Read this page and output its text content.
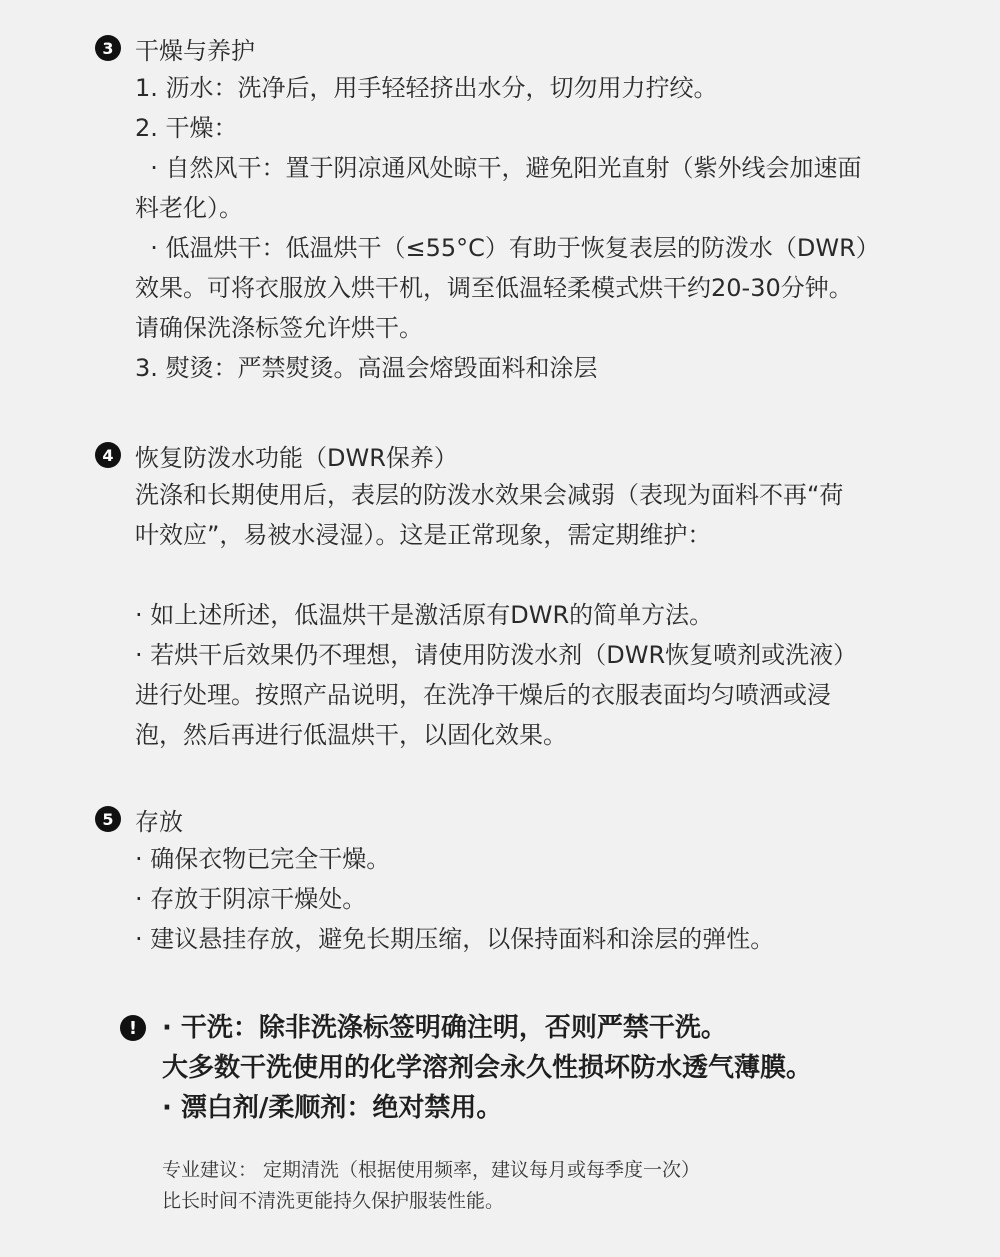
3 干燥与养护
1. 沥水：洗净后，用手轻轻挤出水分，切勿用力拧绞。
2. 干燥：
· 自然风干：置于阴凉通风处晾干，避免阳光直射（紫外线会加速面
料老化）。
· 低温烘干：低温烘干（≤55°C）有助于恢复表层的防泼水（DWR）
效果。可将衣服放入烘干机，调至低温轻柔模式烘干约20-30分钟。
请确保洗涤标签允许烘干。
3. 熨烫：严禁熨烫。高温会熔毁面料和涂层
4 恢复防泼水功能（DWR保养）
洗涤和长期使用后，表层的防泼水效果会减弱（表现为面料不再“荷
叶效应”，易被水浸湿）。这是正常现象，需定期维护：
· 如上述所述，低温烘干是激活原有DWR的简单方法。
· 若烘干后效果仍不理想，请使用防泼水剂（DWR恢复喷剂或洗液）
进行处理。按照产品说明，在洗净干燥后的衣服表面均匀喷洒或浸
泡，然后再进行低温烘干，以固化效果。
5 存放
· 确保衣物已完全干燥。
· 存放于阴凉干燥处。
· 建议悬挂存放，避免长期压缩，以保持面料和涂层的弹性。
! · 干洗：除非洗涤标签明确注明，否则严禁干洗。
大多数干洗使用的化学溶剂会永久性损坏防水透气薄膜。
· 漂白剂/柔顺剂：绝对禁用。
专业建议： 定期清洗（根据使用频率，建议每月或每季度一次）
比长时间不清洗更能持久保护服装性能。
